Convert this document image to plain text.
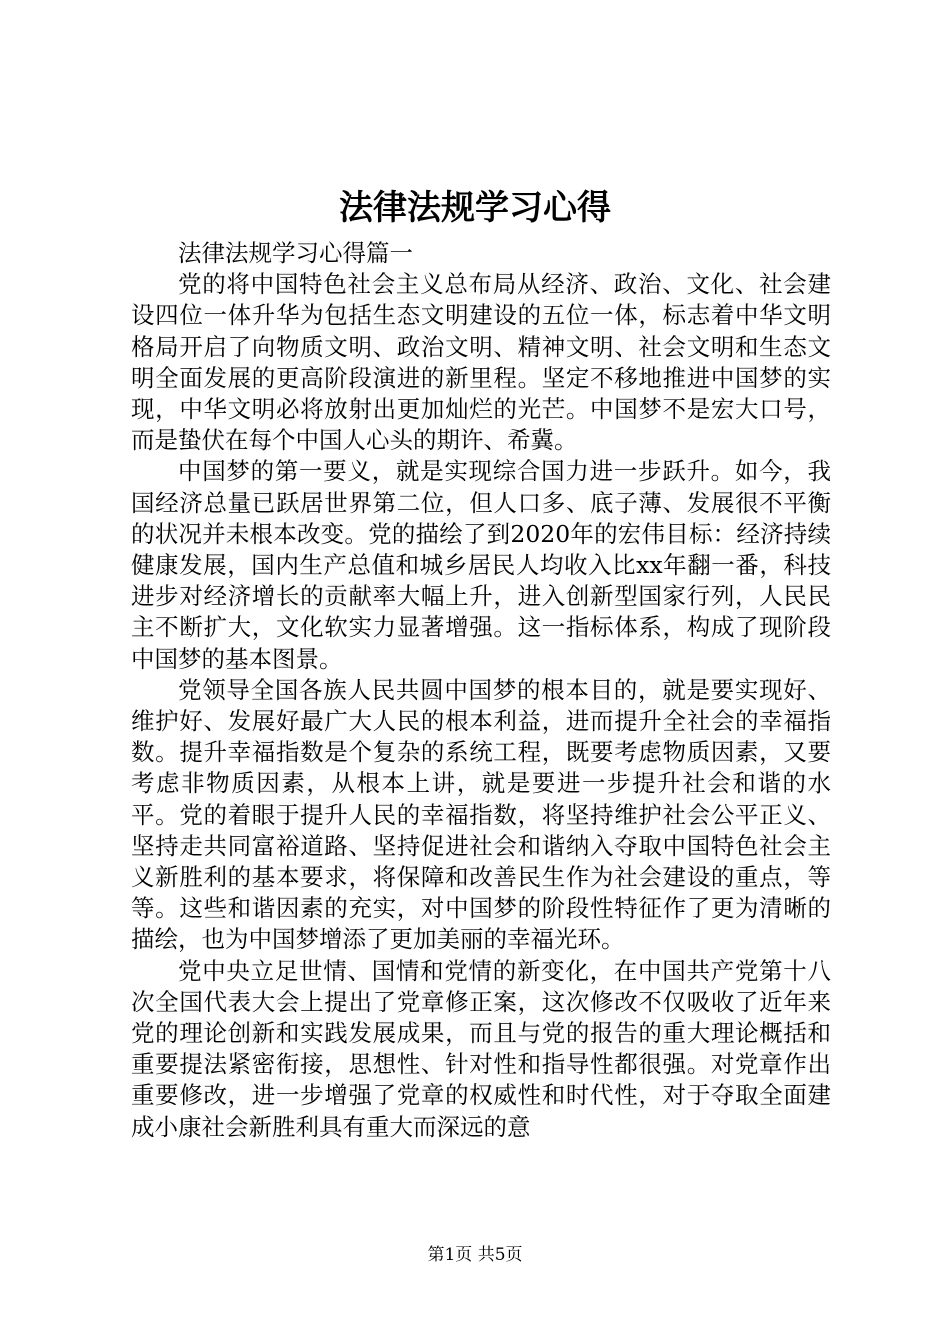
法律法规学习心得

法律法规学习心得篇一

党的将中国特色社会主义总布局从经济、政治、文化、社会建设四位一体升华为包括生态文明建设的五位一体，标志着中华文明格局开启了向物质文明、政治文明、精神文明、社会文明和生态文明全面发展的更高阶段演进的新里程。坚定不移地推进中国梦的实现，中华文明必将放射出更加灿烂的光芒。中国梦不是宏大口号，而是蛰伏在每个中国人心头的期许、希冀。

中国梦的第一要义，就是实现综合国力进一步跃升。如今，我国经济总量已跃居世界第二位，但人口多、底子薄、发展很不平衡的状况并未根本改变。党的描绘了到2020年的宏伟目标：经济持续健康发展，国内生产总值和城乡居民人均收入比xx年翻一番，科技进步对经济增长的贡献率大幅上升，进入创新型国家行列，人民民主不断扩大，文化软实力显著增强。这一指标体系，构成了现阶段中国梦的基本图景。

党领导全国各族人民共圆中国梦的根本目的，就是要实现好、维护好、发展好最广大人民的根本利益，进而提升全社会的幸福指数。提升幸福指数是个复杂的系统工程，既要考虑物质因素，又要考虑非物质因素，从根本上讲，就是要进一步提升社会和谐的水平。党的着眼于提升人民的幸福指数，将坚持维护社会公平正义、坚持走共同富裕道路、坚持促进社会和谐纳入夺取中国特色社会主义新胜利的基本要求，将保障和改善民生作为社会建设的重点，等等。这些和谐因素的充实，对中国梦的阶段性特征作了更为清晰的描绘，也为中国梦增添了更加美丽的幸福光环。

党中央立足世情、国情和党情的新变化，在中国共产党第十八次全国代表大会上提出了党章修正案，这次修改不仅吸收了近年来党的理论创新和实践发展成果，而且与党的报告的重大理论概括和重要提法紧密衔接，思想性、针对性和指导性都很强。对党章作出重要修改，进一步增强了党章的权威性和时代性，对于夺取全面建成小康社会新胜利具有重大而深远的意

第1页 共5页
